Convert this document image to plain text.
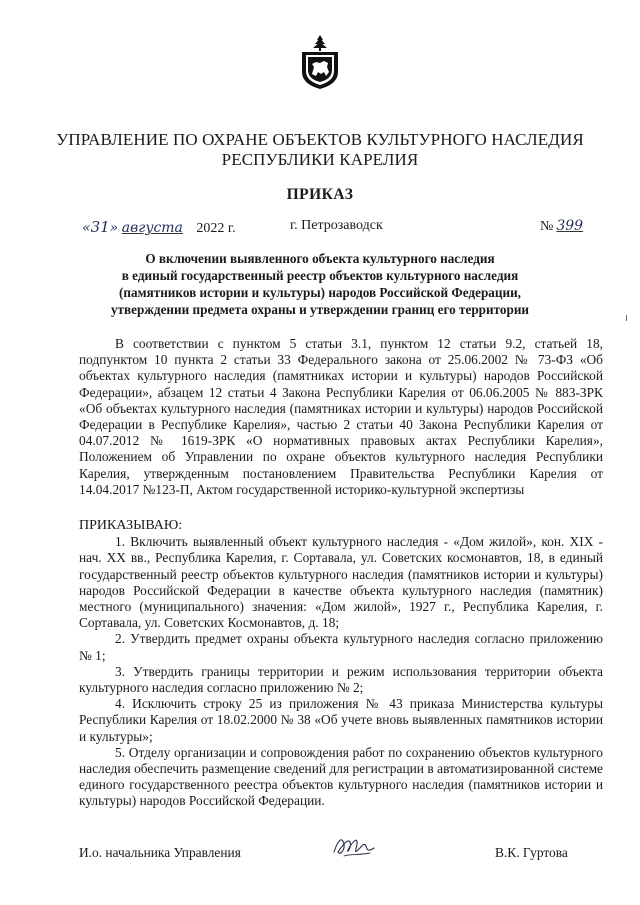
УПРАВЛЕНИЕ ПО ОХРАНЕ ОБЪЕКТОВ КУЛЬТУРНОГО НАСЛЕДИЯ
РЕСПУБЛИКИ КАРЕЛИЯ
ПРИКАЗ
«31» августа 2022 г.	г. Петрозаводск	№ 399
О включении выявленного объекта культурного наследия
в единый государственный реестр объектов культурного наследия
(памятников истории и культуры) народов Российской Федерации,
утверждении предмета охраны и утверждении границ его территории

В соответствии с пунктом 5 статьи 3.1, пунктом 12 статьи 9.2, статьей 18, подпунктом 10 пункта 2 статьи 33 Федерального закона от 25.06.2002 № 73-ФЗ «Об объектах культурного наследия (памятниках истории и культуры) народов Российской Федерации», абзацем 12 статьи 4 Закона Республики Карелия от 06.06.2005 № 883-ЗРК «Об объектах культурного наследия (памятниках истории и культуры) народов Российской Федерации в Республике Карелия», частью 2 статьи 40 Закона Республики Карелия от 04.07.2012 № 1619-ЗРК «О нормативных правовых актах Республики Карелия», Положением об Управлении по охране объектов культурного наследия Республики Карелия, утвержденным постановлением Правительства Республики Карелия от 14.04.2017 №123-П, Актом государственной историко-культурной экспертизы

ПРИКАЗЫВАЮ:

1. Включить выявленный объект культурного наследия - «Дом жилой», кон. XIX - нач. XX вв., Республика Карелия, г. Сортавала, ул. Советских космонавтов, 18, в единый государственный реестр объектов культурного наследия (памятников истории и культуры) народов Российской Федерации в качестве объекта культурного наследия (памятник) местного (муниципального) значения: «Дом жилой», 1927 г., Республика Карелия, г. Сортавала, ул. Советских Космонавтов, д. 18;

2. Утвердить предмет охраны объекта культурного наследия согласно приложению № 1;

3. Утвердить границы территории и режим использования территории объекта культурного наследия согласно приложению № 2;

4. Исключить строку 25 из приложения № 43 приказа Министерства культуры Республики Карелия от 18.02.2000 № 38 «Об учете вновь выявленных памятников истории и культуры»;

5. Отделу организации и сопровождения работ по сохранению объектов культурного наследия обеспечить размещение сведений для регистрации в автоматизированной системе единого государственного реестра объектов культурного наследия (памятников истории и культуры) народов Российской Федерации.

И.о. начальника Управления	В.К. Гуртова
